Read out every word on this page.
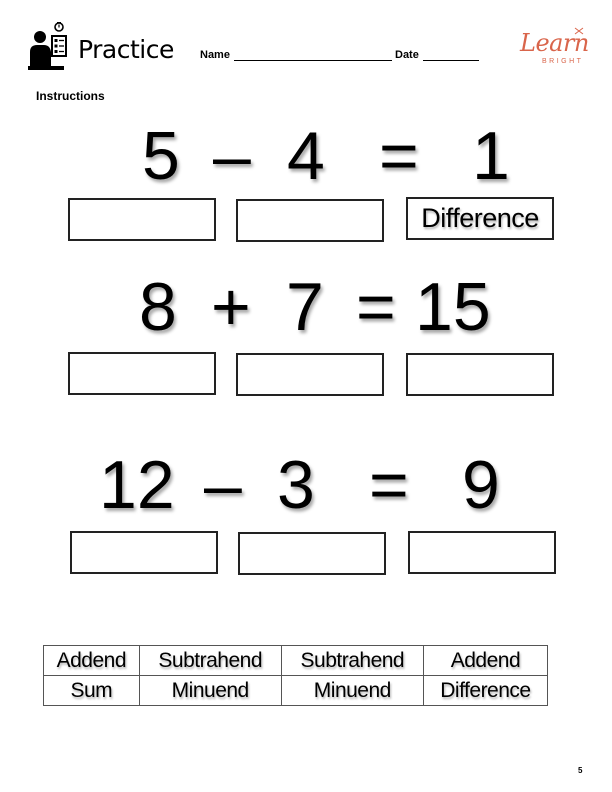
Practice Name	Date	Learn
BRIGHT
Instructions
5 – 4 = 1
Difference
8 + 7 = 15
12 – 3 = 9
Addend	Subtrahend	Subtrahend	Addend
Sum	Minuend	Minuend	Difference
5
